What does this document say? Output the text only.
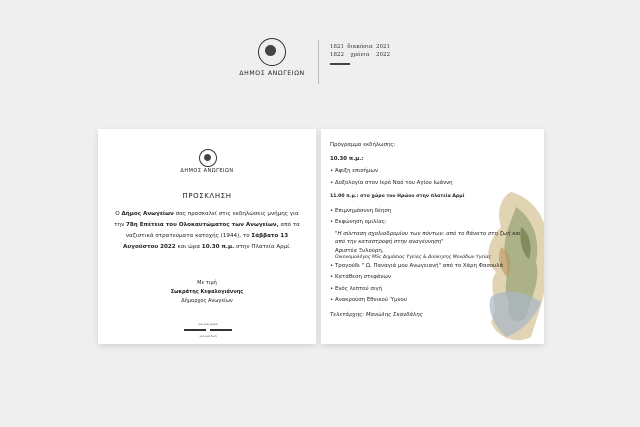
ΔΗΜΟΣ ΑΝΩΓΕΙΩΝ
1821 διακόσια 2021
1822 χρόνια 2022
ΔΗΜΟΣ ΑΝΩΓΕΙΩΝ
ΠΡΟΣΚΛΗΣΗ
Ο Δήμος Ανωγείων σας προσκαλεί στις εκδηλώσεις μνήμης για την 78η Επέτεια του Ολοκαυτώματος των Ανωγείων, από τα ναζιστικά στρατεύματα κατοχής (1944), το Σάββατο 13 Αυγούστου 2022 και ώρα 10.30 π.μ. στην Πλατεία Αρμί.
Με τιμή
Σωκράτης Κεφαλογιάννης
Δήμαρχος Ανωγείων
για μια χώρα
για μια ζωή
Πρόγραμμα εκδήλωσης:
10.30 π.μ.:
• Άφιξη επισήμων
• Δοξολογία στον Ιερό Ναό του Αγίου Ιωάννη
11.00 π.μ.: στο χώρο του Ηρώου στην πλατεία Αρμί
• Επιμνημόσυνη δέηση
• Εκφώνηση ομιλίας:
"Η σύνταση σχολιοδρομίου των πόντων: από το θάνατο στη ζωή και από την καταστροφή στην αναγέννηση"
Αριστέα Ξυλούρη,
Οικονομολόγος ΜSc Δημόσιας Υγείας & Διοίκησης Μονάδων Υγείας
• Τραγούδι " Ω, Παναγιά μου Ανωγειανή" από το Χάρη Φασουλά
• Κατάθεση στεφάνων
• Ενός λεπτού σιγή
• Ανακρούση Εθνικού Ύμνου
Τελετάρχης: Μανώλης Σκανδάλης
